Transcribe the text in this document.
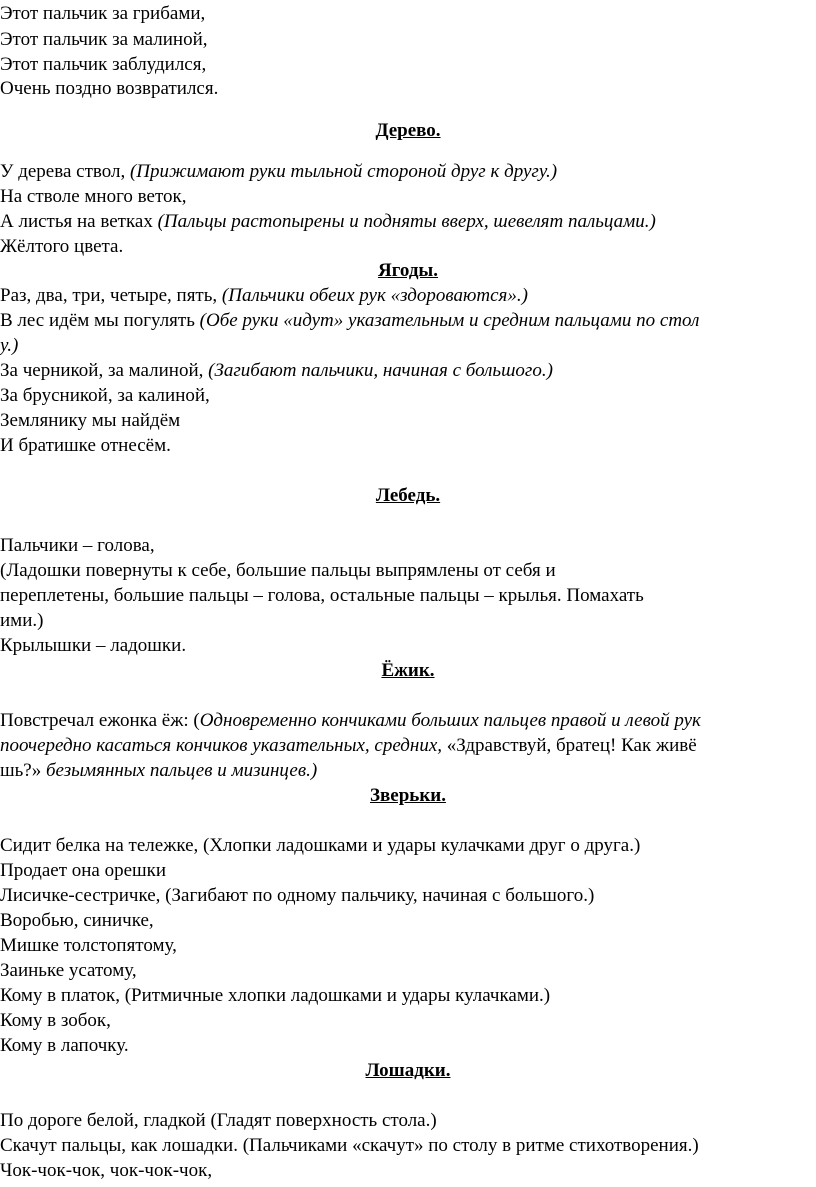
Этот пальчик за грибами,
Этот пальчик за малиной,
Этот пальчик заблудился,
Очень поздно возвратился.
Дерево.
У дерева ствол, (Прижимают руки тыльной стороной друг к другу.)
На стволе много веток,
А листья на ветках (Пальцы растопырены и подняты вверх, шевелят пальцами.)
Жёлтого цвета.
Ягоды.
Раз, два, три, четыре, пять, (Пальчики обеих рук «здороваются».)
В лес идём мы погулять (Обе руки «идут» указательным и средним пальцами по стол
у.)
За черникой, за малиной, (Загибают пальчики, начиная с большого.)
За брусникой, за калиной,
Землянику мы найдём
И братишке отнесём.
Лебедь.
Пальчики – голова,
(Ладошки повернуты к себе, большие пальцы выпрямлены от себя и
переплетены, большие пальцы – голова, остальные пальцы – крылья. Помахать
ими.)
Крылышки – ладошки.
Ёжик.
Повстречал ежонка ёж: (Одновременно кончиками больших пальцев правой и левой рук
поочередно касаться кончиков указательных, средних, «Здравствуй, братец! Как живё
шь?» безымянных пальцев и мизинцев.)
Зверьки.
Сидит белка на тележке, (Хлопки ладошками и удары кулачками друг о друга.)
Продает она орешки
Лисичке-сестричке, (Загибают по одному пальчику, начиная с большого.)
Воробью, синичке,
Мишке толстопятому,
Заиньке усатому,
Кому в платок, (Ритмичные хлопки ладошками и удары кулачками.)
Кому в зобок,
Кому в лапочку.
Лошадки.
По дороге белой, гладкой (Гладят поверхность стола.)
Скачут пальцы, как лошадки. (Пальчиками «скачут» по столу в ритме стихотворения.)
Чок-чок-чок, чок-чок-чок,
